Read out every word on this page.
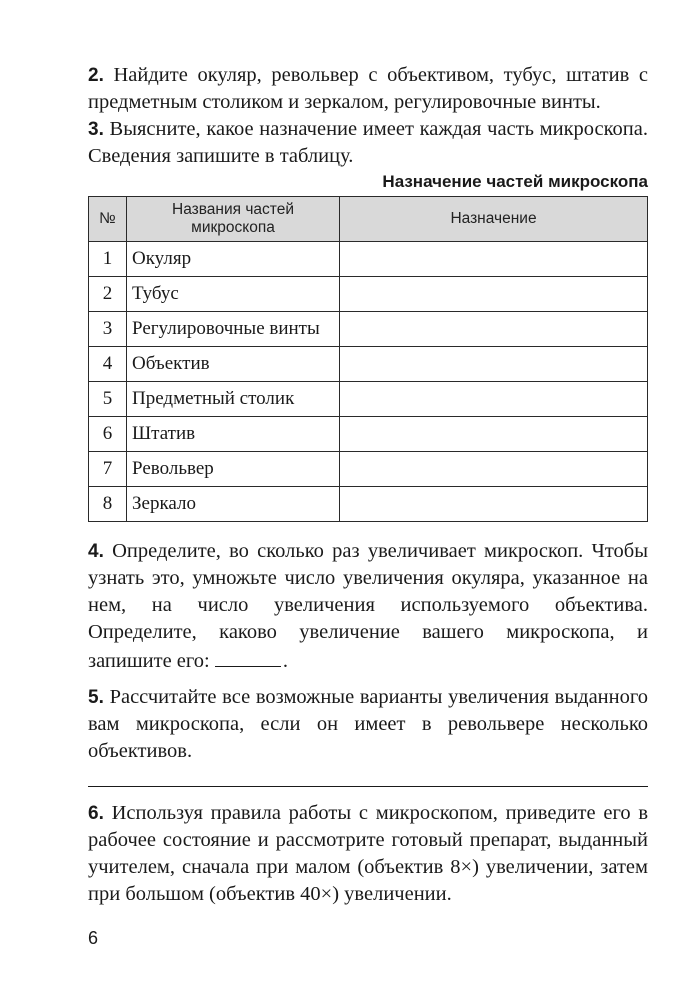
2. Найдите окуляр, револьвер с объективом, тубус, штатив с предметным столиком и зеркалом, регулировочные винты.
3. Выясните, какое назначение имеет каждая часть микроскопа. Сведения запишите в таблицу.

Назначение частей микроскопа
№	Названия частей микроскопа	Назначение
1	Окуляр	
2	Тубус	
3	Регулировочные винты	
4	Объектив	
5	Предметный столик	
6	Штатив	
7	Револьвер	
8	Зеркало	

4. Определите, во сколько раз увеличивает микроскоп. Чтобы узнать это, умножьте число увеличения окуляра, указанное на нем, на число увеличения используемого объектива. Определите, каково увеличение вашего микроскопа, и запишите его:	.

5. Рассчитайте все возможные варианты увеличения выданного вам микроскопа, если он имеет в револьвере несколько объективов.

6. Используя правила работы с микроскопом, приведите его в рабочее состояние и рассмотрите готовый препарат, выданный учителем, сначала при малом (объектив 8×) увеличении, затем при большом (объектив 40×) увеличении.

6
